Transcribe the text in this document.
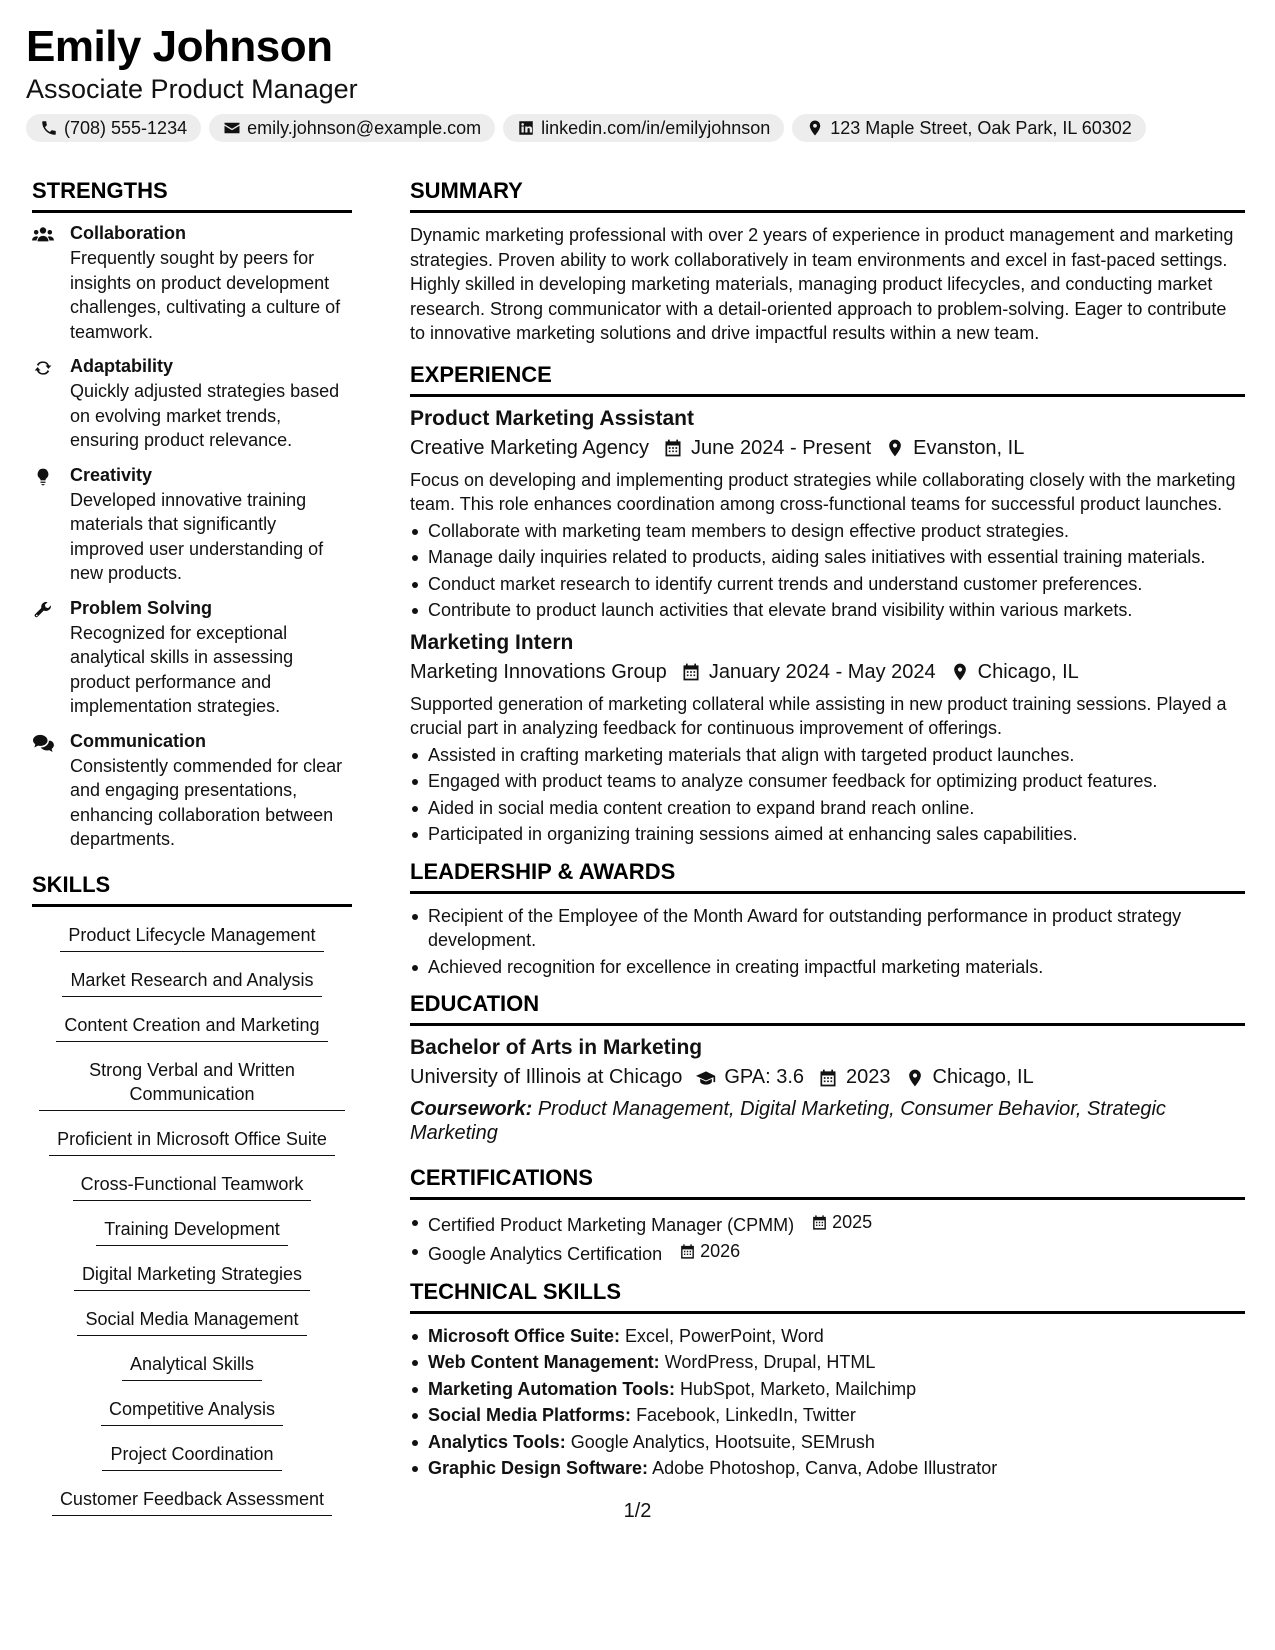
Emily Johnson
Associate Product Manager
(708) 555-1234	emily.johnson@example.com	linkedin.com/in/emilyjohnson	123 Maple Street, Oak Park, IL 60302
STRENGTHS
Collaboration
Frequently sought by peers for insights on product development challenges, cultivating a culture of teamwork.
Adaptability
Quickly adjusted strategies based on evolving market trends, ensuring product relevance.
Creativity
Developed innovative training materials that significantly improved user understanding of new products.
Problem Solving
Recognized for exceptional analytical skills in assessing product performance and implementation strategies.
Communication
Consistently commended for clear and engaging presentations, enhancing collaboration between departments.
SKILLS
Product Lifecycle Management
Market Research and Analysis
Content Creation and Marketing
Strong Verbal and Written Communication
Proficient in Microsoft Office Suite
Cross-Functional Teamwork
Training Development
Digital Marketing Strategies
Social Media Management
Analytical Skills
Competitive Analysis
Project Coordination
Customer Feedback Assessment
SUMMARY
Dynamic marketing professional with over 2 years of experience in product management and marketing strategies. Proven ability to work collaboratively in team environments and excel in fast-paced settings. Highly skilled in developing marketing materials, managing product lifecycles, and conducting market research. Strong communicator with a detail-oriented approach to problem-solving. Eager to contribute to innovative marketing solutions and drive impactful results within a new team.
EXPERIENCE
Product Marketing Assistant
Creative Marketing Agency June 2024 - Present Evanston, IL
Focus on developing and implementing product strategies while collaborating closely with the marketing team. This role enhances coordination among cross-functional teams for successful product launches.
Collaborate with marketing team members to design effective product strategies.
Manage daily inquiries related to products, aiding sales initiatives with essential training materials.
Conduct market research to identify current trends and understand customer preferences.
Contribute to product launch activities that elevate brand visibility within various markets.
Marketing Intern
Marketing Innovations Group January 2024 - May 2024 Chicago, IL
Supported generation of marketing collateral while assisting in new product training sessions. Played a crucial part in analyzing feedback for continuous improvement of offerings.
Assisted in crafting marketing materials that align with targeted product launches.
Engaged with product teams to analyze consumer feedback for optimizing product features.
Aided in social media content creation to expand brand reach online.
Participated in organizing training sessions aimed at enhancing sales capabilities.
LEADERSHIP & AWARDS
Recipient of the Employee of the Month Award for outstanding performance in product strategy development.
Achieved recognition for excellence in creating impactful marketing materials.
EDUCATION
Bachelor of Arts in Marketing
University of Illinois at Chicago GPA: 3.6 2023 Chicago, IL
Coursework: Product Management, Digital Marketing, Consumer Behavior, Strategic Marketing
CERTIFICATIONS
Certified Product Marketing Manager (CPMM) 2025
Google Analytics Certification 2026
TECHNICAL SKILLS
Microsoft Office Suite: Excel, PowerPoint, Word
Web Content Management: WordPress, Drupal, HTML
Marketing Automation Tools: HubSpot, Marketo, Mailchimp
Social Media Platforms: Facebook, LinkedIn, Twitter
Analytics Tools: Google Analytics, Hootsuite, SEMrush
Graphic Design Software: Adobe Photoshop, Canva, Adobe Illustrator
1/2
